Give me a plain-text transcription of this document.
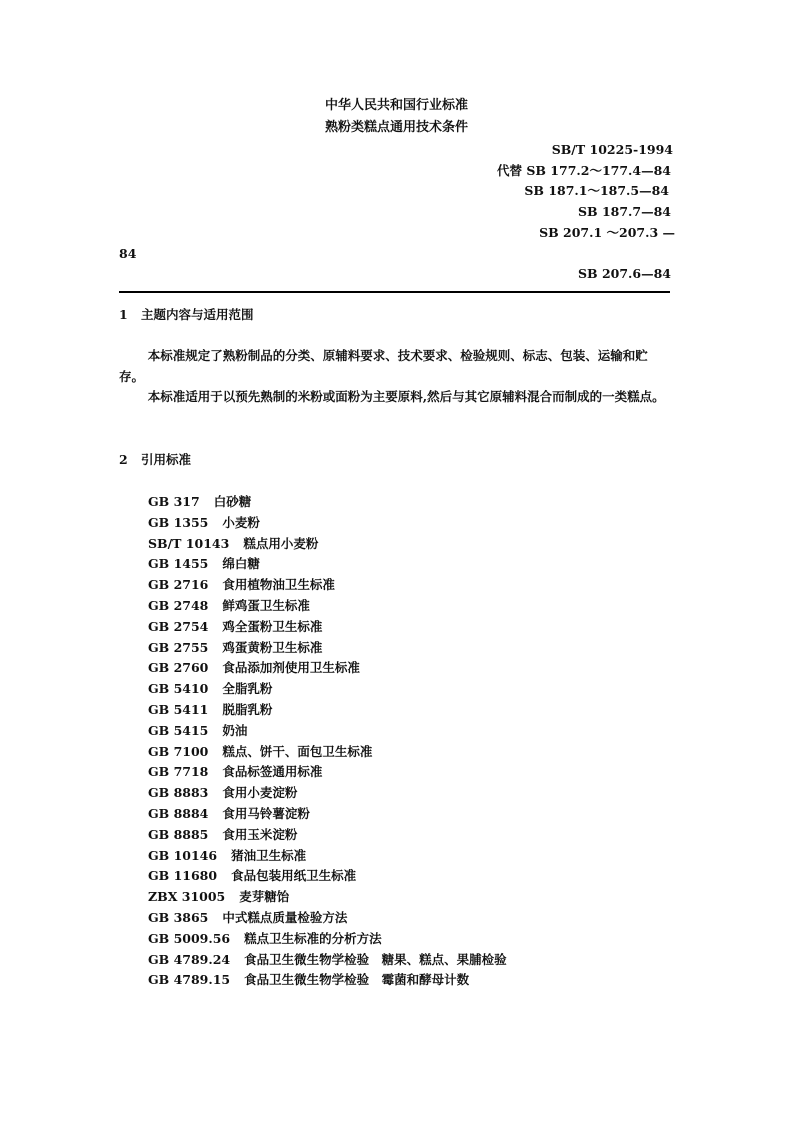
中华人民共和国行业标准
熟粉类糕点通用技术条件
SB/T 10225-1994
代替 SB 177.2～177.4—84
SB 187.1～187.5—84
SB 187.7—84
SB 207.1 ～207.3 —
84
SB 207.6—84
1 主题内容与适用范围
本标准规定了熟粉制品的分类、原辅料要求、技术要求、检验规则、标志、包装、运输和贮存。
本标准适用于以预先熟制的米粉或面粉为主要原料,然后与其它原辅料混合而制成的一类糕点。
2 引用标准
GB 317 白砂糖
GB 1355 小麦粉
SB/T 10143 糕点用小麦粉
GB 1455 绵白糖
GB 2716 食用植物油卫生标准
GB 2748 鲜鸡蛋卫生标准
GB 2754 鸡全蛋粉卫生标准
GB 2755 鸡蛋黄粉卫生标准
GB 2760 食品添加剂使用卫生标准
GB 5410 全脂乳粉
GB 5411 脱脂乳粉
GB 5415 奶油
GB 7100 糕点、饼干、面包卫生标准
GB 7718 食品标签通用标准
GB 8883 食用小麦淀粉
GB 8884 食用马铃薯淀粉
GB 8885 食用玉米淀粉
GB 10146 猪油卫生标准
GB 11680 食品包装用纸卫生标准
ZBX 31005 麦芽糖饴
GB 3865 中式糕点质量检验方法
GB 5009.56 糕点卫生标准的分析方法
GB 4789.24 食品卫生微生物学检验　糖果、糕点、果脯检验
GB 4789.15 食品卫生微生物学检验　霉菌和酵母计数
